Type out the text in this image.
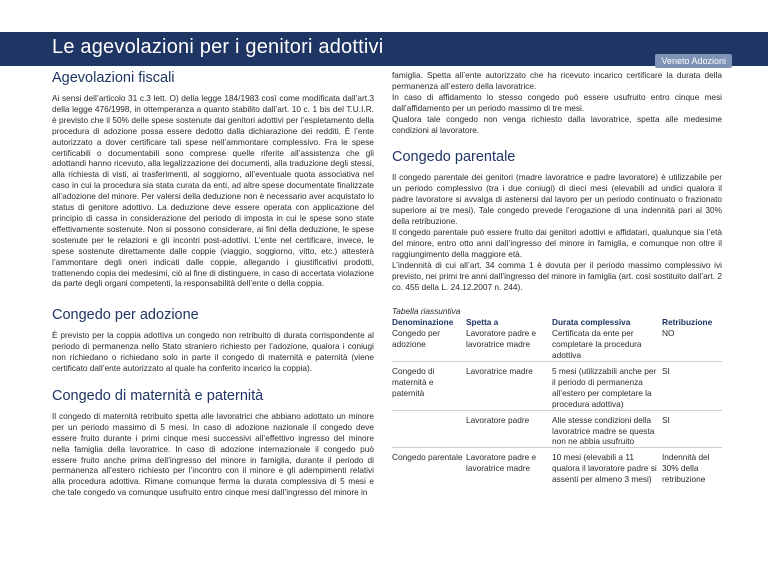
Le agevolazioni per i genitori adottivi
Veneto Adozioni
Agevolazioni fiscali

Ai sensi dell’articolo 31 c.3 lett. O) della legge 184/1983 così come modificata dall’art.3 della legge 476/1998, in ottemperanza a quanto stabilito dall’art. 10 c. 1 bis del T.U.I.R. è previsto che il 50% delle spese sostenute dai genitori adottivi per l’espletamento della procedura di adozione possa essere dedotto dalla dichiarazione dei redditi. È l’ente autorizzato a dover certificare tali spese nell’ammontare complessivo. Fra le spese certificabili o documentabili sono comprese quelle riferite all’assistenza che gli adottandi hanno ricevuto, alla legalizzazione dei documenti, alla traduzione degli stessi, alla richiesta di visti, ai trasferimenti, al soggiorno, all’eventuale quota associativa nel caso in cui la procedura sia stata curata da enti, ad altre spese documentate finalizzate all’adozione del minore. Per valersi della deduzione non è necessario aver acquistato lo status di genitore adottivo. La deduzione deve essere operata con applicazione del principio di cassa in considerazione del periodo di imposta in cui le spese sono state effettivamente sostenute. Non si possono considerare, ai fini della deduzione, le spese sostenute per le relazioni e gli incontri post-adottivi. L’ente nel certificare, invece, le spese sostenute direttamente dalle coppie (viaggio, soggiorno, vitto, etc.) attesterà l’ammontare degli oneri indicati dalle coppie, allegando i giustificativi prodotti, trattenendo copia dei medesimi, ciò al fine di distinguere, in caso di accertata violazione da parte degli organi competenti, la responsabilità dell’ente o della coppia.

Congedo per adozione

È previsto per la coppia adottiva un congedo non retribuito di durata corrispondente al periodo di permanenza nello Stato straniero richiesto per l’adozione, qualora i coniugi non richiedano o richiedano solo in parte il congedo di maternità e paternità (viene certificato dall’ente autorizzato al quale ha conferito incarico la coppia).

Congedo di maternità e paternità

Il congedo di maternità retribuito spetta alle lavoratrici che abbiano adottato un minore per un periodo massimo di 5 mesi. In caso di adozione nazionale il congedo deve essere fruito durante i primi cinque mesi successivi all’effettivo ingresso del minore nella famiglia della lavoratrice. In caso di adozione internazionale il congedo può essere fruito anche prima dell’ingresso del minore in famiglia, durante il periodo di permanenza all’estero richiesto per l’incontro con il minore e gli adempimenti relativi alla procedura adottiva. Rimane comunque ferma la durata complessiva di 5 mesi e che tale congedo va comunque usufruito entro cinque mesi dall’ingresso del minore in

famiglia. Spetta all’ente autorizzato che ha ricevuto incarico certificare la durata della permanenza all’estero della lavoratrice.

In caso di affidamento lo stesso congedo può essere usufruito entro cinque mesi dall’affidamento per un periodo massimo di tre mesi.

Qualora tale congedo non venga richiesto dalla lavoratrice, spetta alle medesime condizioni al lavoratore.

Congedo parentale

Il congedo parentale dei genitori (madre lavoratrice e padre lavoratore) è utilizzabile per un periodo complessivo (tra i due coniugi) di dieci mesi (elevabili ad undici qualora il padre lavoratore si avvalga di astenersi dal lavoro per un periodo continuato o frazionato superiore ai tre mesi). Tale congedo prevede l’erogazione di una indennità pari al 30% della retribuzione.

Il congedo parentale può essere fruito dai genitori adottivi e affidatari, qualunque sia l’età del minore, entro otto anni dall’ingresso del minore in famiglia, e comunque non oltre il raggiungimento della maggiore età.

L’indennità di cui all’art. 34 comma 1 è dovuta per il periodo massimo complessivo ivi previsto, nei primi tre anni dall’ingresso del minore in famiglia (art. così sostituito dall’art. 2 co. 455 della L. 24.12.2007 n. 244).

Tabella riassuntiva
Denominazione	Spetta a	Durata complessiva	Retribuzione
Congedo per adozione	Lavoratore padre e lavoratrice madre	Certificata da ente per completare la procedura adottiva	NO
Congedo di maternità e paternità	Lavoratrice madre	5 mesi (utilizzabili anche per il periodo di permanenza all’estero per completare la procedura adottiva)	SI
	Lavoratore padre	Alle stesse condizioni della lavoratrice madre se questa non ne abbia usufruito	SI
Congedo parentale	Lavoratore padre e lavoratrice madre	10 mesi (elevabili a 11 qualora il lavoratore padre si assenti per almeno 3 mesi)	Indennità del 30% della retribuzione
